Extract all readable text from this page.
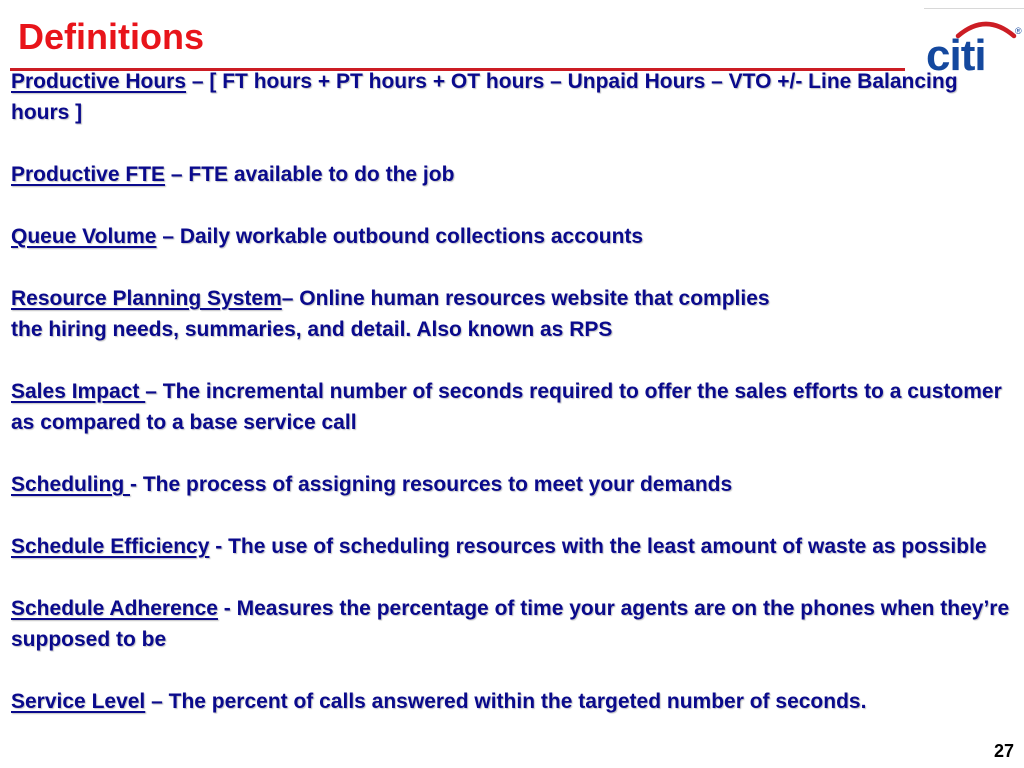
Definitions	citi	®
Productive Hours – [ FT hours + PT hours + OT hours – Unpaid Hours – VTO +/- Line Balancing hours ]
Productive FTE – FTE available to do the job
Queue Volume – Daily workable outbound collections accounts
Resource Planning System– Online human resources website that complies
the hiring needs, summaries, and detail. Also known as RPS
Sales Impact – The incremental number of seconds required to offer the sales efforts to a customer as compared to a base service call
Scheduling - The process of assigning resources to meet your demands
Schedule Efficiency - The use of scheduling resources with the least amount of waste as possible
Schedule Adherence - Measures the percentage of time your agents are on the phones when they’re supposed to be
Service Level – The percent of calls answered within the targeted number of seconds.
27
